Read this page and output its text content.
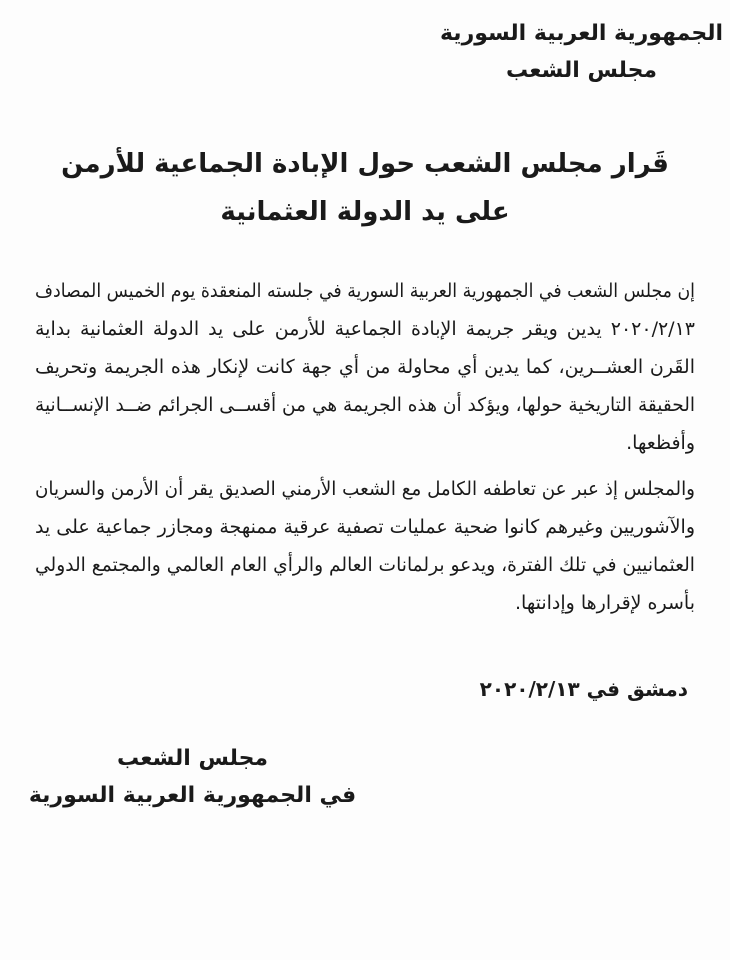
الجمهورية العربية السورية
مجلس الشعب
قَرار مجلس الشعب حول الإبادة الجماعية للأرمن
على يد الدولة العثمانية
إن مجلس الشعب في الجمهورية العربية السورية في جلسته المنعقدة يوم الخميس المصادف
٢٠٢٠/٢/١٣ يدين ويقر جريمة الإبادة الجماعية للأرمن على يد الدولة العثمانية بداية
القَرن العشــرين، كما يدين أي محاولة من أي جهة كانت لإنكار هذه الجريمة وتحريف
الحقيقة التاريخية حولها، ويؤكد أن هذه الجريمة هي من أقســى الجرائم ضــد الإنســانية
وأفظعها.
والمجلس إذ عبر عن تعاطفه الكامل مع الشعب الأرمني الصديق يقر أن الأرمن والسريان
والآشوريين وغيرهم كانوا ضحية عمليات تصفية عرقية ممنهجة ومجازر جماعية على يد
العثمانيين في تلك الفترة، ويدعو برلمانات العالم والرأي العام العالمي والمجتمع الدولي
بأسره لإقرارها وإدانتها.
دمشق في ٢٠٢٠/٢/١٣
مجلس الشعب
في الجمهورية العربية السورية
